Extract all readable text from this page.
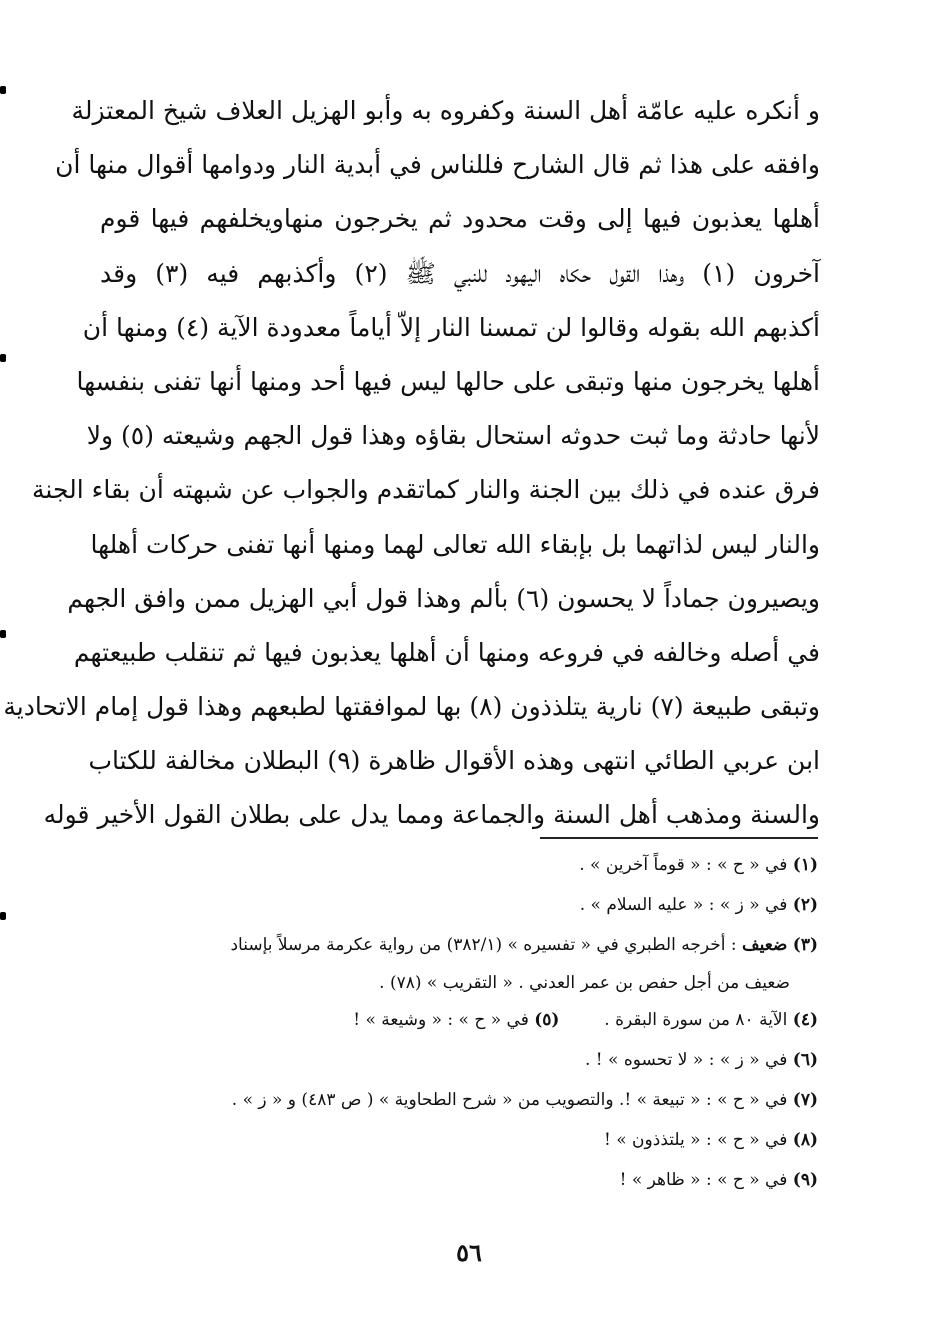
و أنكره عليه عامّة أهل السنة وكفروه به وأبو الهزيل العلاف شيخ المعتزلة
وافقه على هذا ثم قال الشارح فللناس في أبدية النار ودوامها أقوال منها أن
أهلها يعذبون فيها إلى وقت محدود ثم يخرجون منهاويخلفهم فيها قوم
آخرون (١) وهذا القول حكاه اليهود للنبي ﷺ (٢) وأكذبهم فيه (٣) وقد
أكذبهم الله بقوله وقالوا لن تمسنا النار إلاّ أياماً معدودة الآية (٤) ومنها أن
أهلها يخرجون منها وتبقى على حالها ليس فيها أحد ومنها أنها تفنى بنفسها
لأنها حادثة وما ثبت حدوثه استحال بقاؤه وهذا قول الجهم وشيعته (٥) ولا
فرق عنده في ذلك بين الجنة والنار كماتقدم والجواب عن شبهته أن بقاء الجنة
والنار ليس لذاتهما بل بإبقاء الله تعالى لهما ومنها أنها تفنى حركات أهلها
ويصيرون جماداً لا يحسون (٦) بألم وهذا قول أبي الهزيل ممن وافق الجهم
في أصله وخالفه في فروعه ومنها أن أهلها يعذبون فيها ثم تنقلب طبيعتهم
وتبقى طبيعة (٧) نارية يتلذذون (٨) بها لموافقتها لطبعهم وهذا قول إمام الاتحادية
ابن عربي الطائي انتهى وهذه الأقوال ظاهرة (٩) البطلان مخالفة للكتاب
والسنة ومذهب أهل السنة والجماعة ومما يدل على بطلان القول الأخير قوله
(١) في « ح » : « قوماً آخرين » .
(٢) في « ز » : « عليه السلام » .
(٣) ضعيف : أخرجه الطبري في « تفسيره » (٣٨٢/١) من رواية عكرمة مرسلاً بإسناد
ضعيف من أجل حفص بن عمر العدني . « التقريب » (٧٨) .
(٤) الآية ٨٠ من سورة البقرة .  (٥) في « ح » : « وشيعة » !
(٦) في « ز » : « لا تحسوه » ! .
(٧) في « ح » : « تبيعة » !. والتصويب من « شرح الطحاوية » ( ص ٤٨٣) و « ز » .
(٨) في « ح » : « يلتذذون » !
(٩) في « ح » : « ظاهر » !
٥٦
